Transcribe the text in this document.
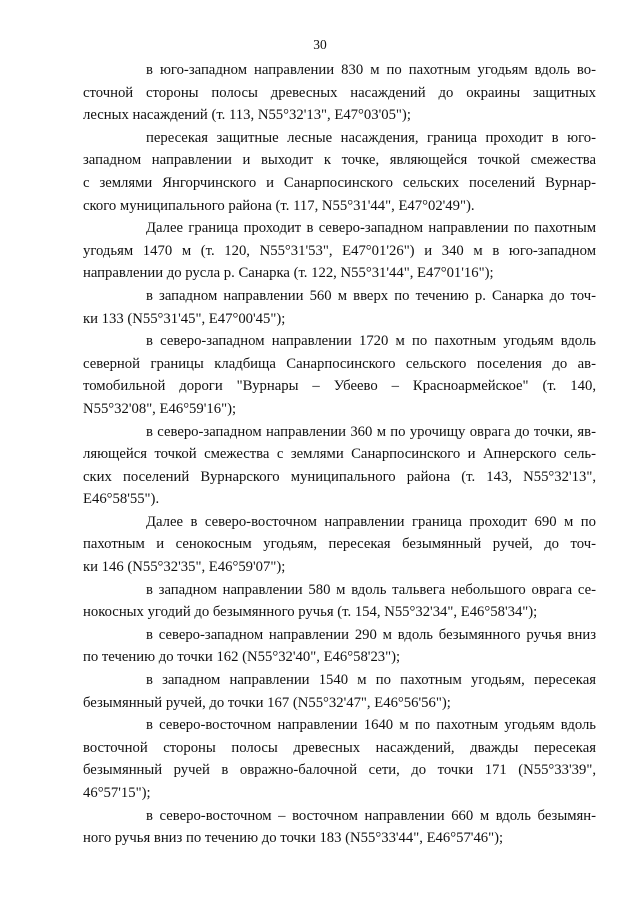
30

в юго-западном направлении 830 м по пахотным угодьям вдоль во-
сточной стороны полосы древесных насаждений до окраины защитных
лесных насаждений (т. 113, N55°32'13", E47°03'05");

пересекая защитные лесные насаждения, граница проходит в юго-
западном направлении и выходит к точке, являющейся точкой смежества
с землями Янгорчинского и Санарпосинского сельских поселений Вурнар-
ского муниципального района (т. 117, N55°31'44", E47°02'49").

Далее граница проходит в северо-западном направлении по пахотным
угодьям 1470 м (т. 120, N55°31'53", E47°01'26") и 340 м в юго-западном
направлении до русла р. Санарка (т. 122, N55°31'44", E47°01'16");

в западном направлении 560 м вверх по течению р. Санарка до точ-
ки 133 (N55°31'45", E47°00'45");

в северо-западном направлении 1720 м по пахотным угодьям вдоль
северной границы кладбища Санарпосинского сельского поселения до ав-
томобильной дороги "Вурнары – Убеево – Красноармейское" (т. 140,
N55°32'08", E46°59'16");

в северо-западном направлении 360 м по урочищу оврага до точки, яв-
ляющейся точкой смежества с землями Санарпосинского и Апнерского сель-
ских поселений Вурнарского муниципального района (т. 143, N55°32'13",
E46°58'55").

Далее в северо-восточном направлении граница проходит 690 м по
пахотным и сенокосным угодьям, пересекая безымянный ручей, до точ-
ки 146 (N55°32'35", E46°59'07");

в западном направлении 580 м вдоль тальвега небольшого оврага се-
нокосных угодий до безымянного ручья (т. 154, N55°32'34", E46°58'34");

в северо-западном направлении 290 м вдоль безымянного ручья вниз
по течению до точки 162 (N55°32'40", E46°58'23");

в западном направлении 1540 м по пахотным угодьям, пересекая
безымянный ручей, до точки 167 (N55°32'47", E46°56'56");

в северо-восточном направлении 1640 м по пахотным угодьям вдоль
восточной стороны полосы древесных насаждений, дважды пересекая
безымянный ручей в овражно-балочной сети, до точки 171 (N55°33'39",
46°57'15");

в северо-восточном – восточном направлении 660 м вдоль безымян-
ного ручья вниз по течению до точки 183 (N55°33'44", E46°57'46");
